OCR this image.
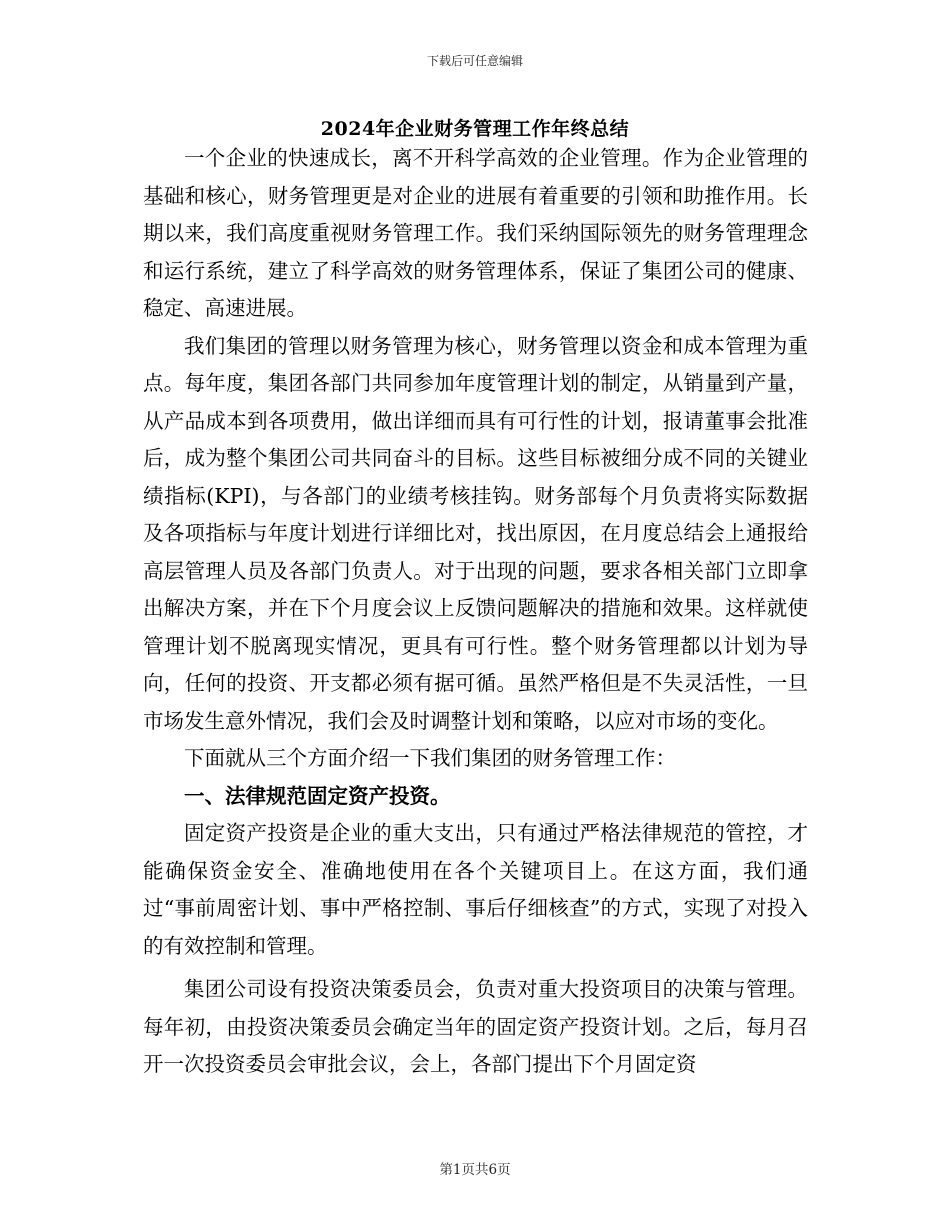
下载后可任意编辑
2024年企业财务管理工作年终总结

一个企业的快速成长，离不开科学高效的企业管理。作为企业管理的基础和核心，财务管理更是对企业的进展有着重要的引领和助推作用。长期以来，我们高度重视财务管理工作。我们采纳国际领先的财务管理理念和运行系统，建立了科学高效的财务管理体系，保证了集团公司的健康、稳定、高速进展。

我们集团的管理以财务管理为核心，财务管理以资金和成本管理为重点。每年度，集团各部门共同参加年度管理计划的制定，从销量到产量，从产品成本到各项费用，做出详细而具有可行性的计划，报请董事会批准后，成为整个集团公司共同奋斗的目标。这些目标被细分成不同的关键业绩指标(KPI)，与各部门的业绩考核挂钩。财务部每个月负责将实际数据及各项指标与年度计划进行详细比对，找出原因，在月度总结会上通报给高层管理人员及各部门负责人。对于出现的问题，要求各相关部门立即拿出解决方案，并在下个月度会议上反馈问题解决的措施和效果。这样就使管理计划不脱离现实情况，更具有可行性。整个财务管理都以计划为导向，任何的投资、开支都必须有据可循。虽然严格但是不失灵活性，一旦市场发生意外情况，我们会及时调整计划和策略，以应对市场的变化。

下面就从三个方面介绍一下我们集团的财务管理工作：

一、法律规范固定资产投资。

固定资产投资是企业的重大支出，只有通过严格法律规范的管控，才能确保资金安全、准确地使用在各个关键项目上。在这方面，我们通过“事前周密计划、事中严格控制、事后仔细核查”的方式，实现了对投入的有效控制和管理。

集团公司设有投资决策委员会，负责对重大投资项目的决策与管理。每年初，由投资决策委员会确定当年的固定资产投资计划。之后，每月召开一次投资委员会审批会议，会上，各部门提出下个月固定资

第1页共6页
